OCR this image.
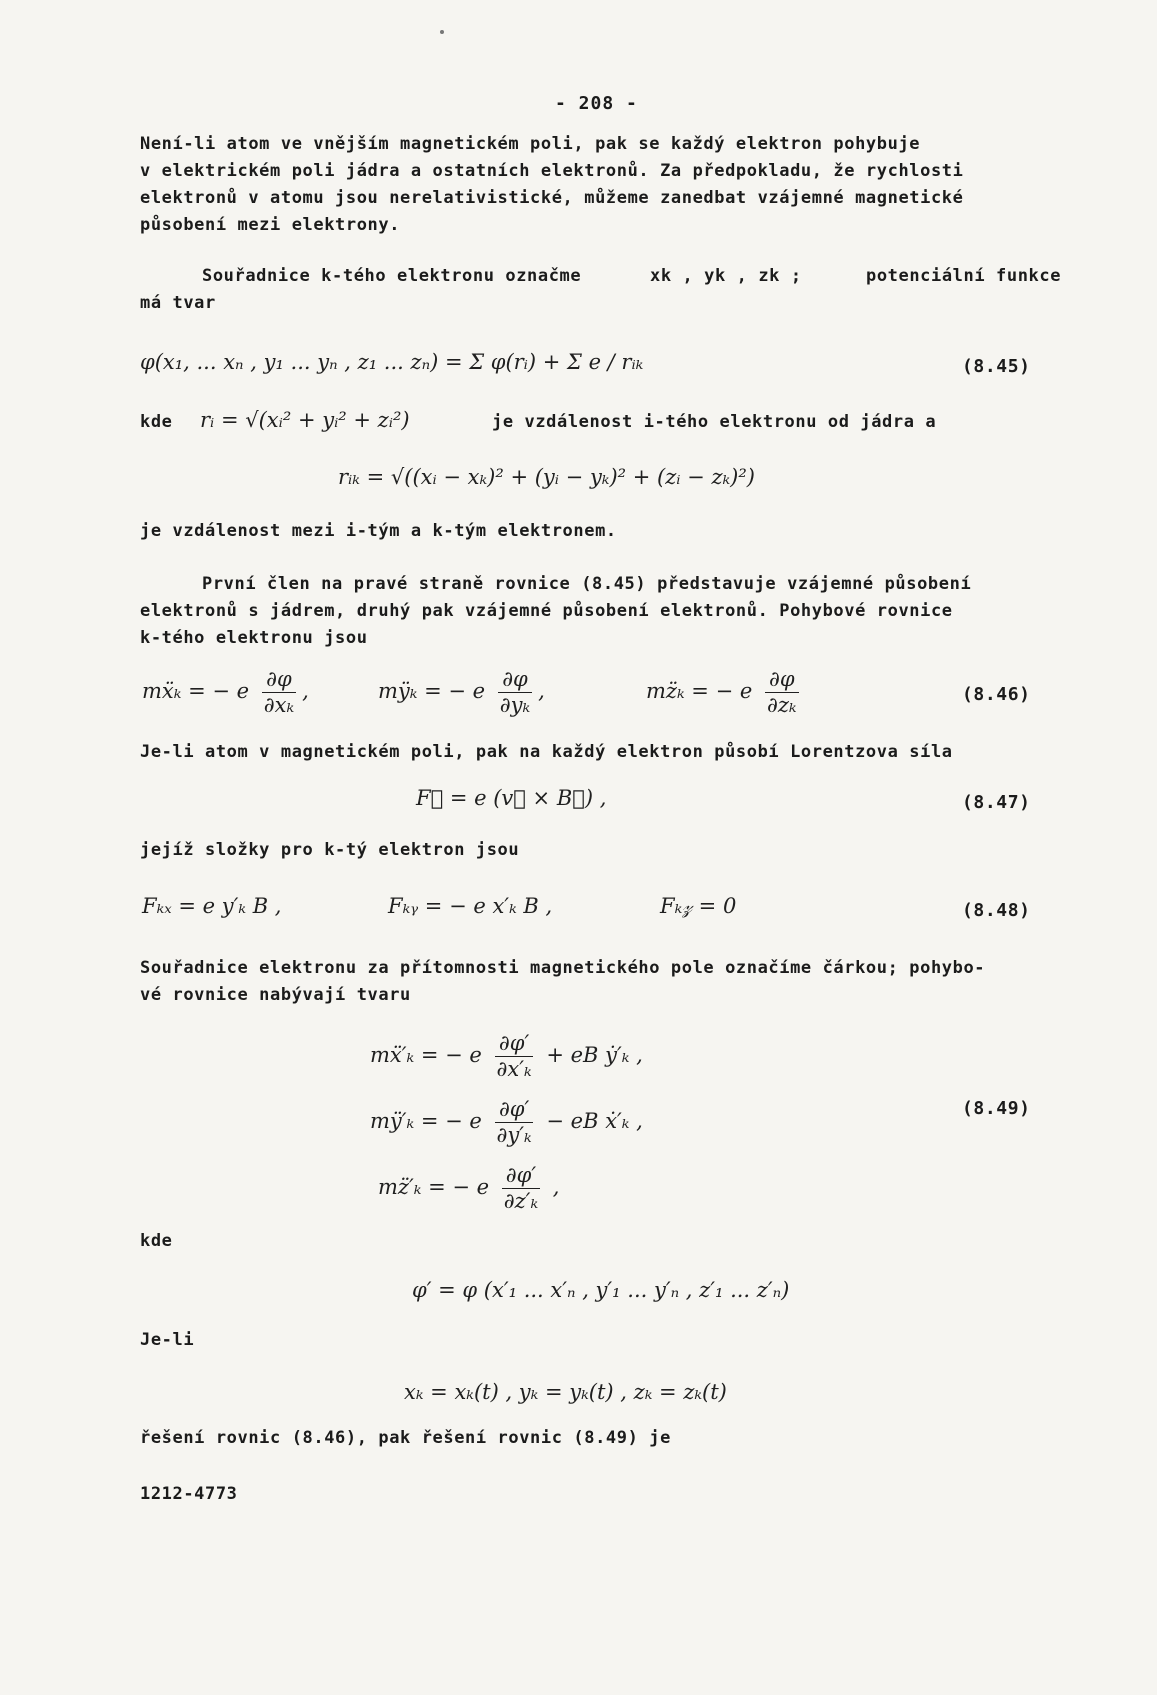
- 208 -
Není-li atom ve vnějším magnetickém poli, pak se každý elektron pohybuje
v elektrickém poli jádra a ostatních elektronů. Za předpokladu, že rychlosti
elektronů v atomu jsou nerelativistické, můžeme zanedbat vzájemné magnetické
působení mezi elektrony.
Souřadnice k-tého elektronu označme	xk , yk , zk ;	potenciální funkce
má tvar
φ(x₁, ... xₙ , y₁ ... yₙ , z₁ ... zₙ) = Σ φ(rᵢ) + Σ e / rᵢₖ	(8.45)
kde rᵢ = √(xᵢ² + yᵢ² + zᵢ²)	je vzdálenost i-tého elektronu od jádra a
rᵢₖ = √((xᵢ − xₖ)² + (yᵢ − yₖ)² + (zᵢ − zₖ)²)
je vzdálenost mezi i-tým a k-tým elektronem.
První člen na pravé straně rovnice (8.45) představuje vzájemné působení
elektronů s jádrem, druhý pak vzájemné působení elektronů. Pohybové rovnice
k-tého elektronu jsou
mẍₖ = − e $\frac{\partial\varphi}{\text{∂xₖ}}$ ,	mÿₖ = − e $\frac{\partial\varphi}{\text{∂yₖ}}$ ,	mz̈ₖ = − e $\frac{\partial\varphi}{\text{∂zₖ}}$	(8.46)
Je-li atom v magnetickém poli, pak na každý elektron působí Lorentzova síla
F⃗ = e (v⃗ × B⃗) ,	(8.47)
jejíž složky pro k-tý elektron jsou
Fₖₓ = e y′ₖ B ,	Fₖᵧ = − e x′ₖ B ,	Fₖ𝓏 = 0	(8.48)
Souřadnice elektronu za přítomnosti magnetického pole označíme čárkou; pohybo-
vé rovnice nabývají tvaru
mẍ′ₖ = − e $\frac{\partial\varphi'}{\text{∂x′ₖ}}$ + eB ẏ′ₖ ,
mÿ′ₖ = − e $\frac{\partial\varphi'}{\text{∂y′ₖ}}$ − eB ẋ′ₖ ,
mz̈′ₖ = − e $\frac{\partial\varphi'}{\text{∂z′ₖ}}$ ,
(8.49)
kde
φ′ = φ (x′₁ ... x′ₙ , y′₁ ... y′ₙ , z′₁ ... z′ₙ)
Je-li
xₖ = xₖ(t) , yₖ = yₖ(t) , zₖ = zₖ(t)
řešení rovnic (8.46), pak řešení rovnic (8.49) je
1212-4773
